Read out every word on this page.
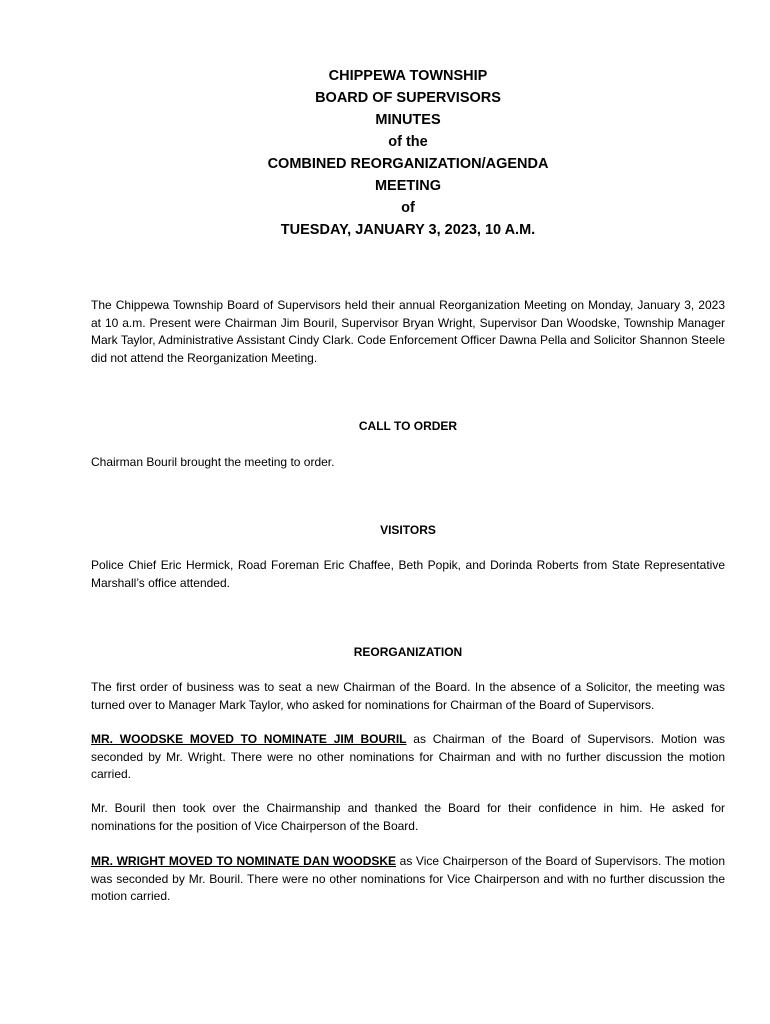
CHIPPEWA TOWNSHIP
BOARD OF SUPERVISORS
MINUTES
of the
COMBINED REORGANIZATION/AGENDA
MEETING
of
TUESDAY, JANUARY 3, 2023, 10 A.M.

The Chippewa Township Board of Supervisors held their annual Reorganization Meeting on Monday, January 3, 2023 at 10 a.m. Present were Chairman Jim Bouril, Supervisor Bryan Wright, Supervisor Dan Woodske, Township Manager Mark Taylor, Administrative Assistant Cindy Clark. Code Enforcement Officer Dawna Pella and Solicitor Shannon Steele did not attend the Reorganization Meeting.

CALL TO ORDER

Chairman Bouril brought the meeting to order.

VISITORS

Police Chief Eric Hermick, Road Foreman Eric Chaffee, Beth Popik, and Dorinda Roberts from State Representative Marshall’s office attended.

REORGANIZATION

The first order of business was to seat a new Chairman of the Board. In the absence of a Solicitor, the meeting was turned over to Manager Mark Taylor, who asked for nominations for Chairman of the Board of Supervisors.

MR. WOODSKE MOVED_TO NOMINATE JIM BOURIL as Chairman of the Board of Supervisors. Motion was seconded by Mr. Wright. There were no other nominations for Chairman and with no further discussion the motion carried.

Mr. Bouril then took over the Chairmanship and thanked the Board for their confidence in him. He asked for nominations for the position of Vice Chairperson of the Board.

MR. WRIGHT MOVED TO NOMINATE DAN WOODSKE as Vice Chairperson of the Board of Supervisors. The motion was seconded by Mr. Bouril. There were no other nominations for Vice Chairperson and with no further discussion the motion carried.
